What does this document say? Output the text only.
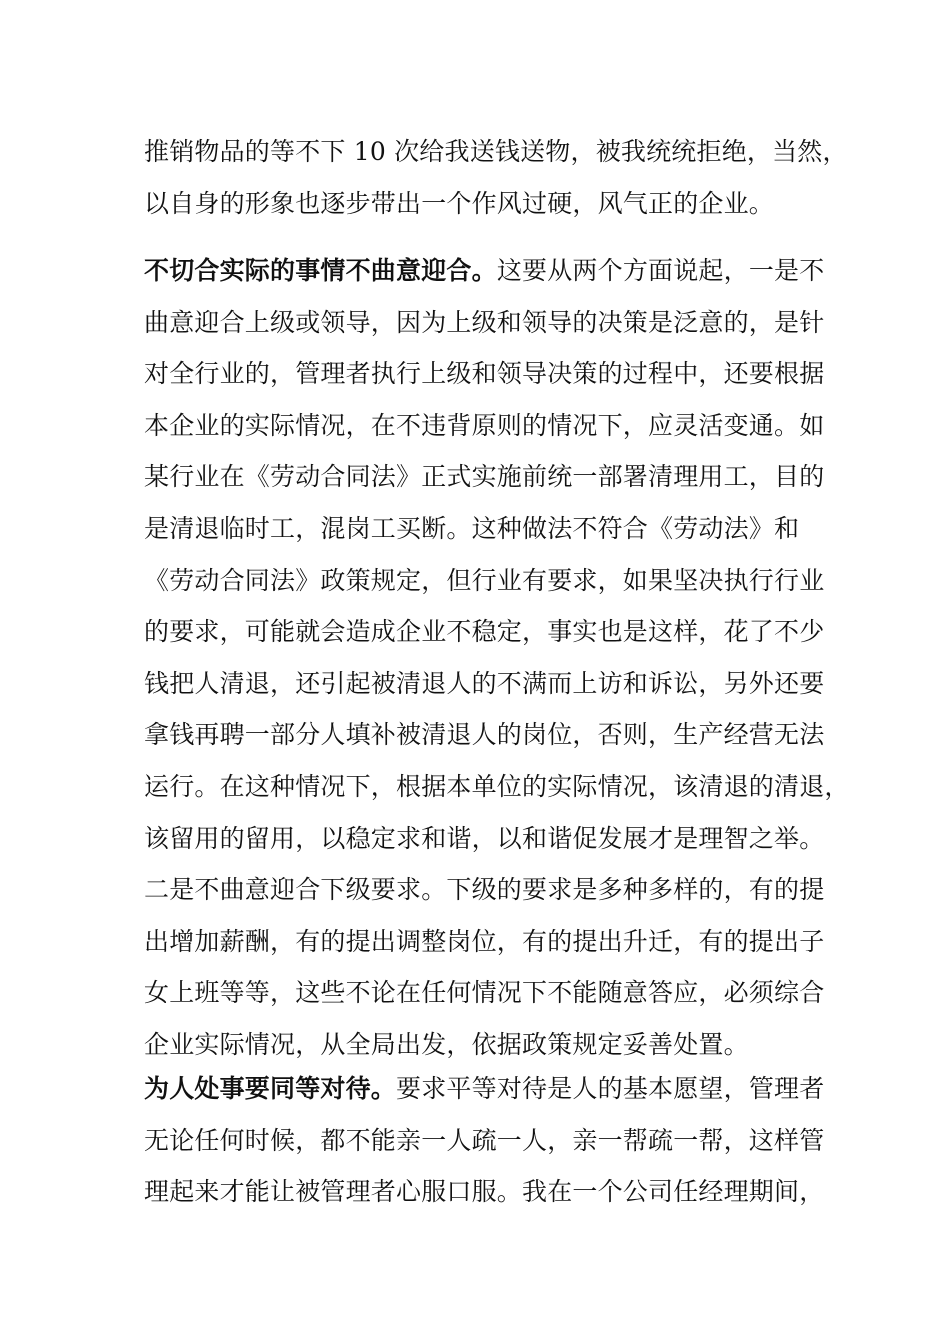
推销物品的等不下 10 次给我送钱送物，被我统统拒绝，当然，
以自身的形象也逐步带出一个作风过硬，风气正的企业。
不切合实际的事情不曲意迎合。这要从两个方面说起，一是不
曲意迎合上级或领导，因为上级和领导的决策是泛意的，是针
对全行业的，管理者执行上级和领导决策的过程中，还要根据
本企业的实际情况，在不违背原则的情况下，应灵活变通。如
某行业在《劳动合同法》正式实施前统一部署清理用工，目的
是清退临时工，混岗工买断。这种做法不符合《劳动法》和
《劳动合同法》政策规定，但行业有要求，如果坚决执行行业
的要求，可能就会造成企业不稳定，事实也是这样，花了不少
钱把人清退，还引起被清退人的不满而上访和诉讼，另外还要
拿钱再聘一部分人填补被清退人的岗位，否则，生产经营无法
运行。在这种情况下，根据本单位的实际情况，该清退的清退，
该留用的留用，以稳定求和谐，以和谐促发展才是理智之举。
二是不曲意迎合下级要求。下级的要求是多种多样的，有的提
出增加薪酬，有的提出调整岗位，有的提出升迁，有的提出子
女上班等等，这些不论在任何情况下不能随意答应，必须综合
企业实际情况，从全局出发，依据政策规定妥善处置。
为人处事要同等对待。要求平等对待是人的基本愿望，管理者
无论任何时候，都不能亲一人疏一人，亲一帮疏一帮，这样管
理起来才能让被管理者心服口服。我在一个公司任经理期间，
